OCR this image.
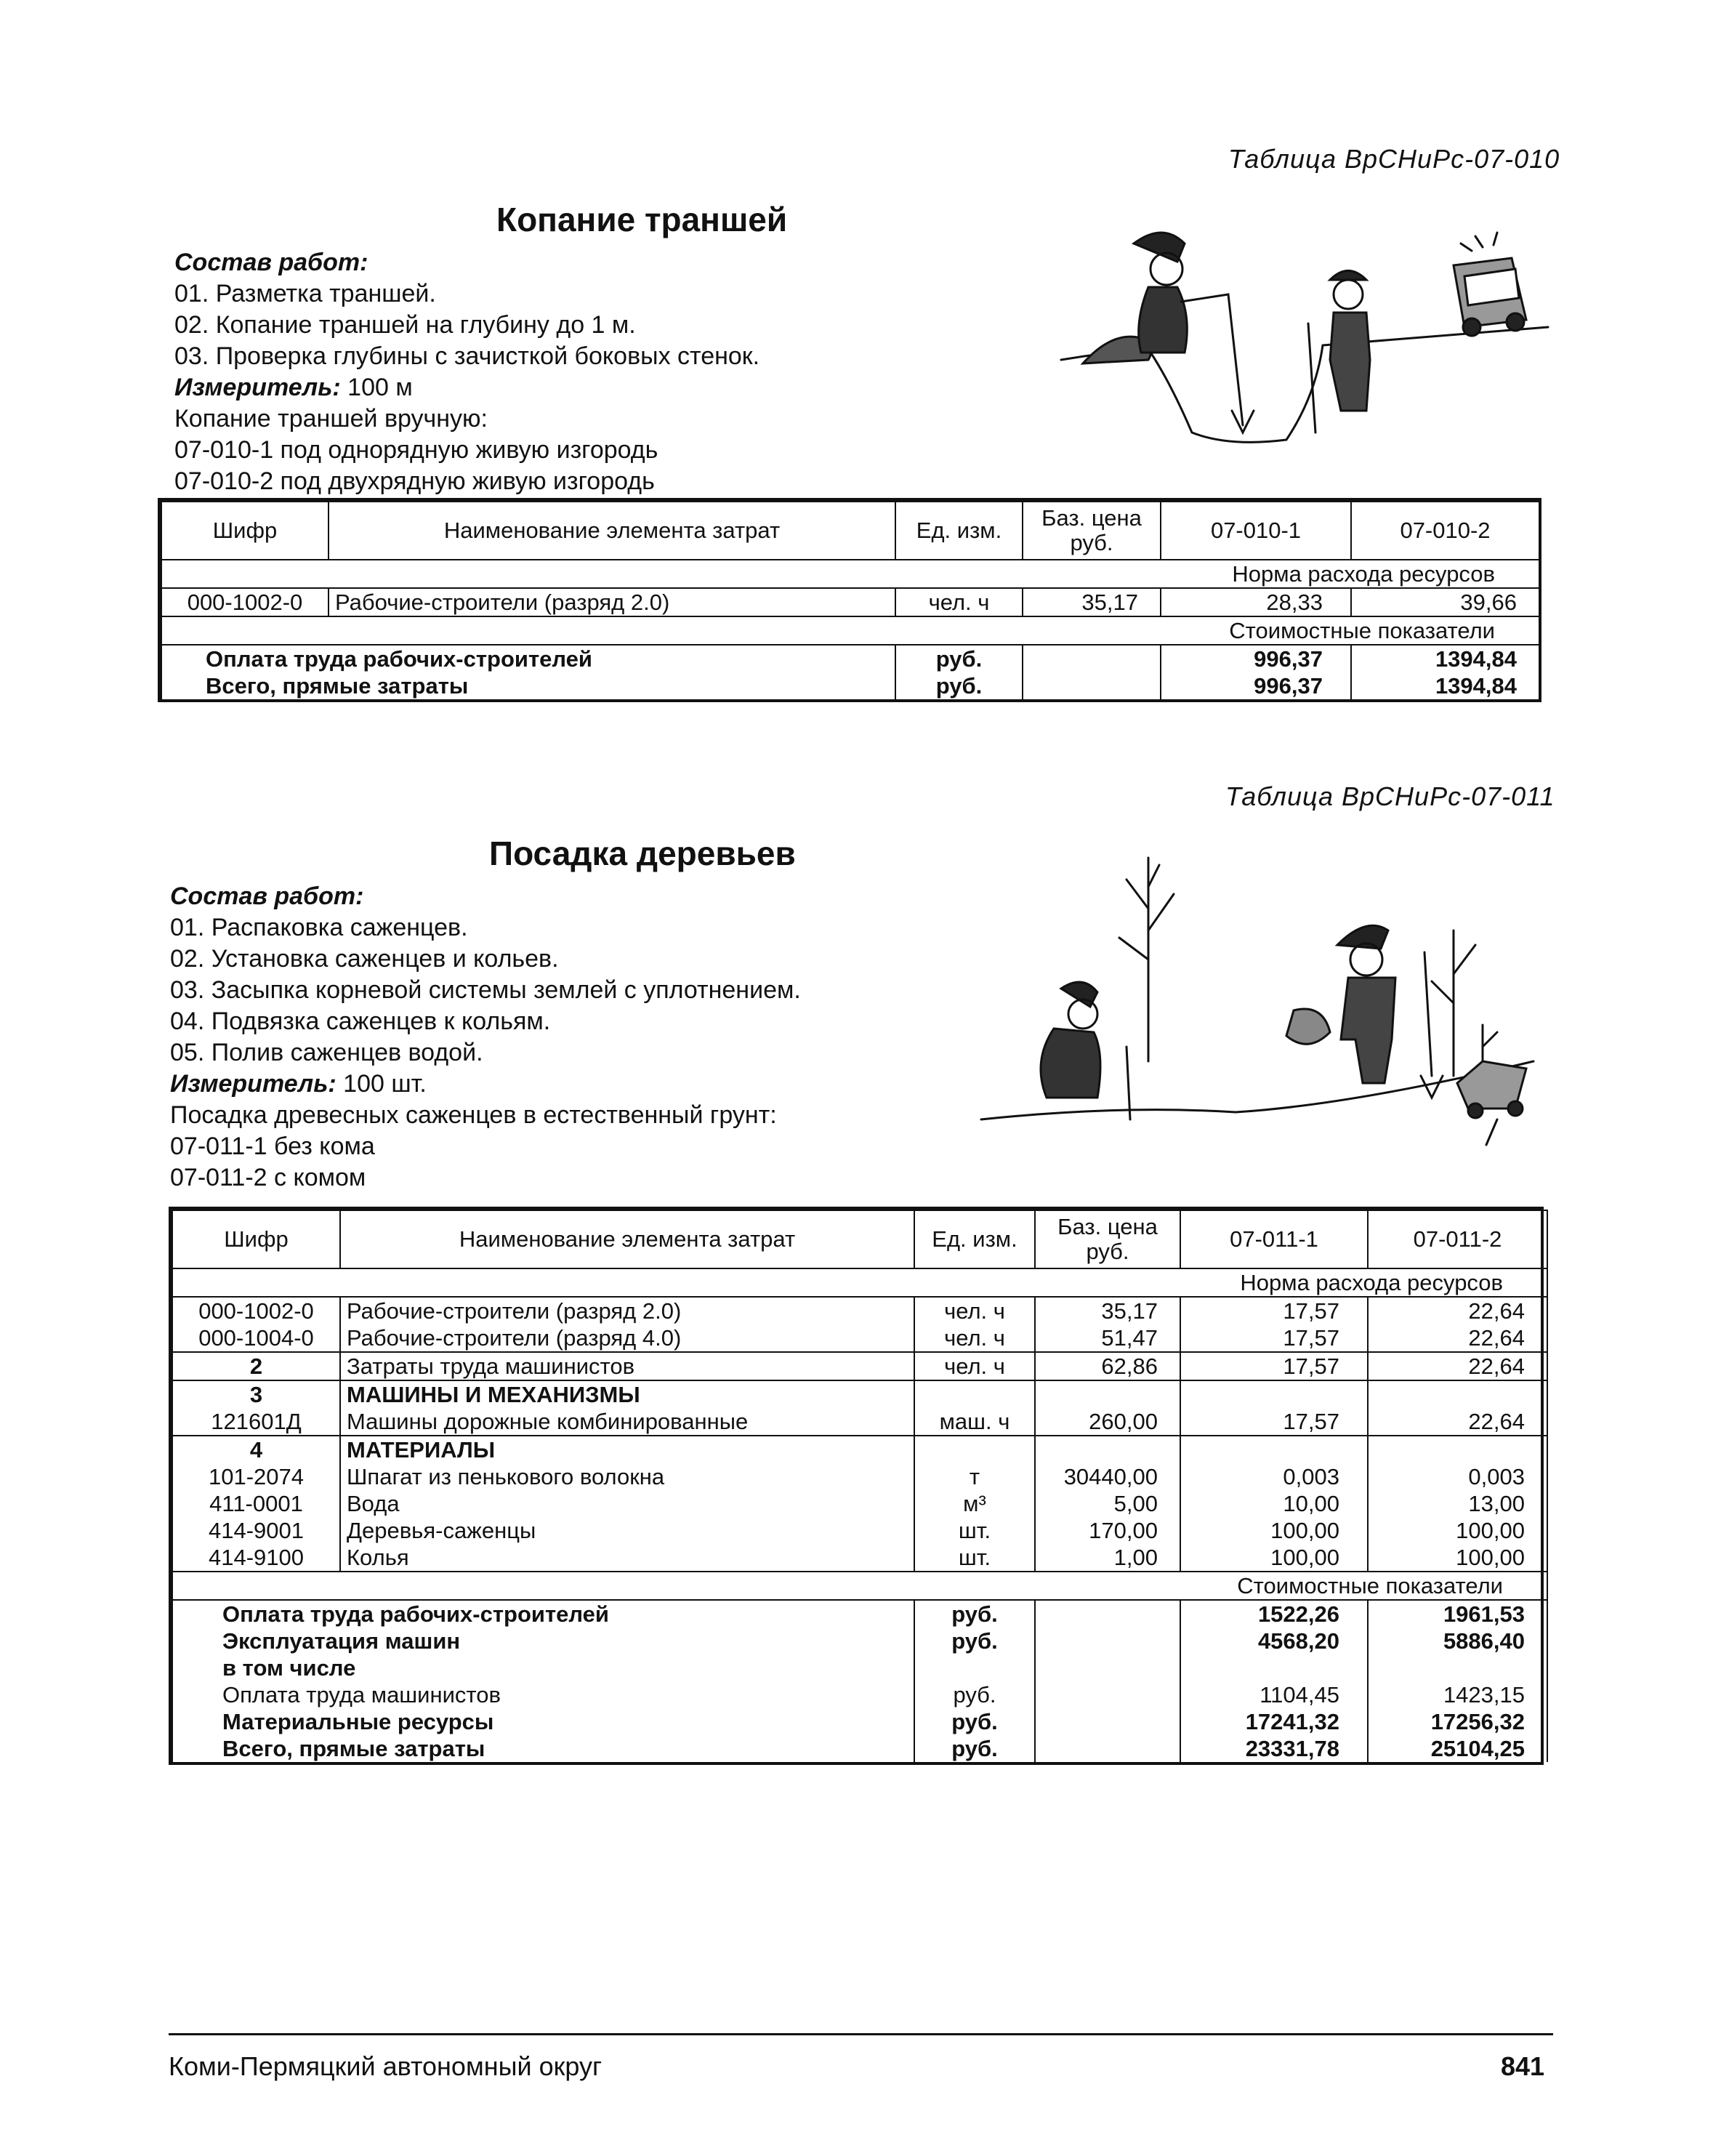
Таблица ВрСНиРс-07-010
Копание траншей
Состав работ:
01. Разметка траншей.
02. Копание траншей на глубину до 1 м.
03. Проверка глубины с зачисткой боковых стенок.
Измеритель: 100 м
Копание траншей вручную:
07-010-1 под однорядную живую изгородь
07-010-2 под двухрядную живую изгородь
Шифр	Наименование элемента затрат	Ед. изм.	Баз. цена руб.	07-010-1	07-010-2
Норма расхода ресурсов					
000-1002-0	Рабочие-строители (разряд 2.0)	чел. ч	35,17	28,33	39,66
Стоимостные показатели					
Оплата труда рабочих-строителей		руб.		996,37	1394,84
Всего, прямые затраты		руб.		996,37	1394,84
Таблица ВрСНиРс-07-011
Посадка деревьев
Состав работ:
01. Распаковка саженцев.
02. Установка саженцев и кольев.
03. Засыпка корневой системы землей с уплотнением.
04. Подвязка саженцев к кольям.
05. Полив саженцев водой.
Измеритель: 100 шт.
Посадка древесных саженцев в естественный грунт:
07-011-1 без кома
07-011-2 с комом
Шифр	Наименование элемента затрат	Ед. изм.	Баз. цена руб.	07-011-1	07-011-2
Норма расхода ресурсов					
000-1002-0	Рабочие-строители (разряд 2.0)	чел. ч	35,17	17,57	22,64
000-1004-0	Рабочие-строители (разряд 4.0)	чел. ч	51,47	17,57	22,64
2	Затраты труда машинистов	чел. ч	62,86	17,57	22,64
3	МАШИНЫ И МЕХАНИЗМЫ				
121601Д	Машины дорожные комбинированные	маш. ч	260,00	17,57	22,64
4	МАТЕРИАЛЫ				
101-2074	Шпагат из пенькового волокна	т	30440,00	0,003	0,003
411-0001	Вода	м³	5,00	10,00	13,00
414-9001	Деревья-саженцы	шт.	170,00	100,00	100,00
414-9100	Колья	шт.	1,00	100,00	100,00
Стоимостные показатели					
Оплата труда рабочих-строителей		руб.		1522,26	1961,53
Эксплуатация машин		руб.		4568,20	5886,40
в том числе					
Оплата труда машинистов		руб.		1104,45	1423,15
Материальные ресурсы		руб.		17241,32	17256,32
Всего, прямые затраты		руб.		23331,78	25104,25
Коми-Пермяцкий автономный округ	841
